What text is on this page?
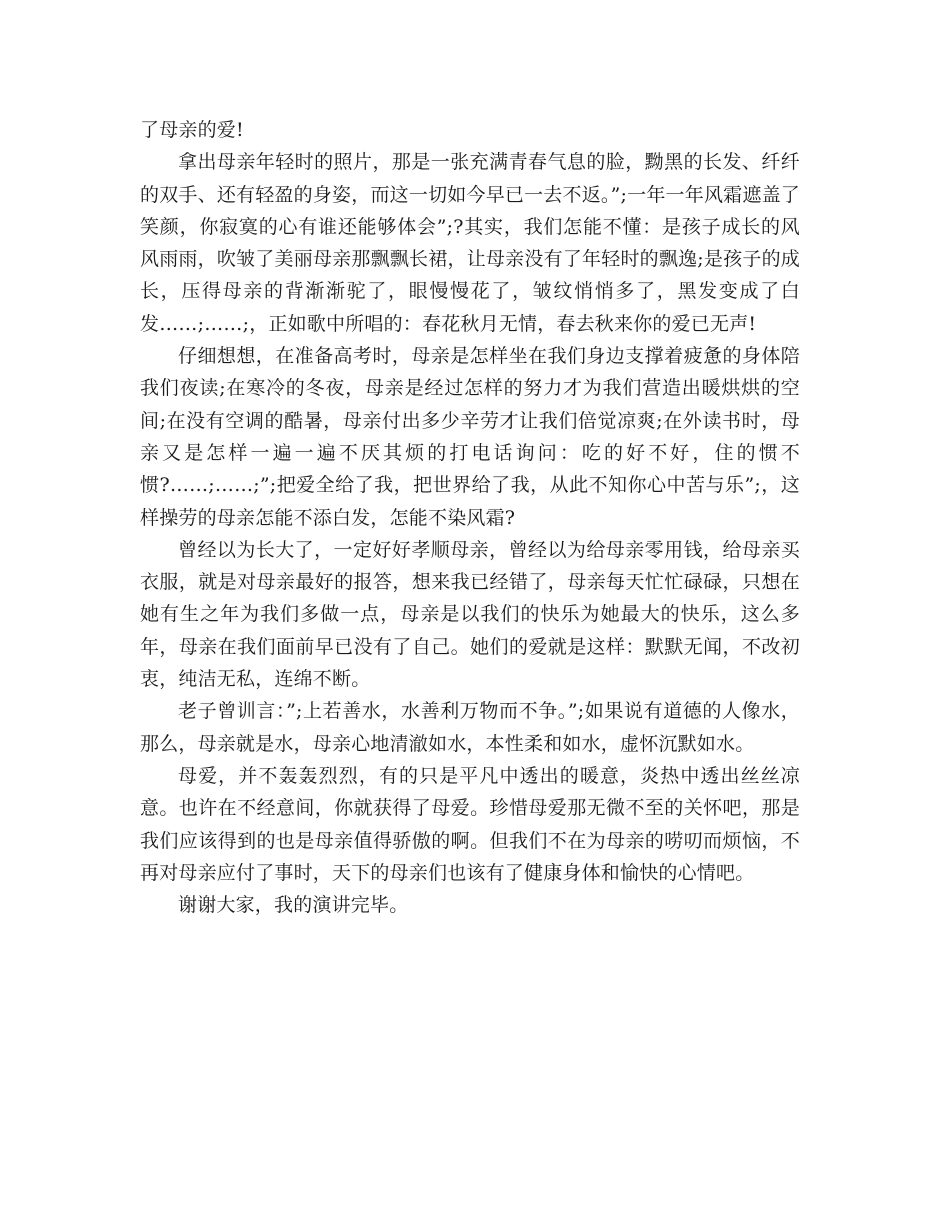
了母亲的爱!

拿出母亲年轻时的照片，那是一张充满青春气息的脸，黝黑的长发、纤纤的双手、还有轻盈的身姿，而这一切如今早已一去不返。”;一年一年风霜遮盖了笑颜，你寂寞的心有谁还能够体会”;?其实，我们怎能不懂：是孩子成长的风风雨雨，吹皱了美丽母亲那飘飘长裙，让母亲没有了年轻时的飘逸;是孩子的成长，压得母亲的背渐渐驼了，眼慢慢花了，皱纹悄悄多了，黑发变成了白发……;……;，正如歌中所唱的：春花秋月无情，春去秋来你的爱已无声!

仔细想想，在准备高考时，母亲是怎样坐在我们身边支撑着疲惫的身体陪我们夜读;在寒冷的冬夜，母亲是经过怎样的努力才为我们营造出暖烘烘的空间;在没有空调的酷暑，母亲付出多少辛劳才让我们倍觉凉爽;在外读书时，母亲又是怎样一遍一遍不厌其烦的打电话询问：吃的好不好，住的惯不惯?……;……;”;把爱全给了我，把世界给了我，从此不知你心中苦与乐”;，这样操劳的母亲怎能不添白发，怎能不染风霜?

曾经以为长大了，一定好好孝顺母亲，曾经以为给母亲零用钱，给母亲买衣服，就是对母亲最好的报答，想来我已经错了，母亲每天忙忙碌碌，只想在她有生之年为我们多做一点，母亲是以我们的快乐为她最大的快乐，这么多年，母亲在我们面前早已没有了自己。她们的爱就是这样：默默无闻，不改初衷，纯洁无私，连绵不断。

老子曾训言：”;上若善水，水善利万物而不争。”;如果说有道德的人像水，那么，母亲就是水，母亲心地清澈如水，本性柔和如水，虚怀沉默如水。

母爱，并不轰轰烈烈，有的只是平凡中透出的暖意，炎热中透出丝丝凉意。也许在不经意间，你就获得了母爱。珍惜母爱那无微不至的关怀吧，那是我们应该得到的也是母亲值得骄傲的啊。但我们不在为母亲的唠叨而烦恼，不再对母亲应付了事时，天下的母亲们也该有了健康身体和愉快的心情吧。

谢谢大家，我的演讲完毕。
